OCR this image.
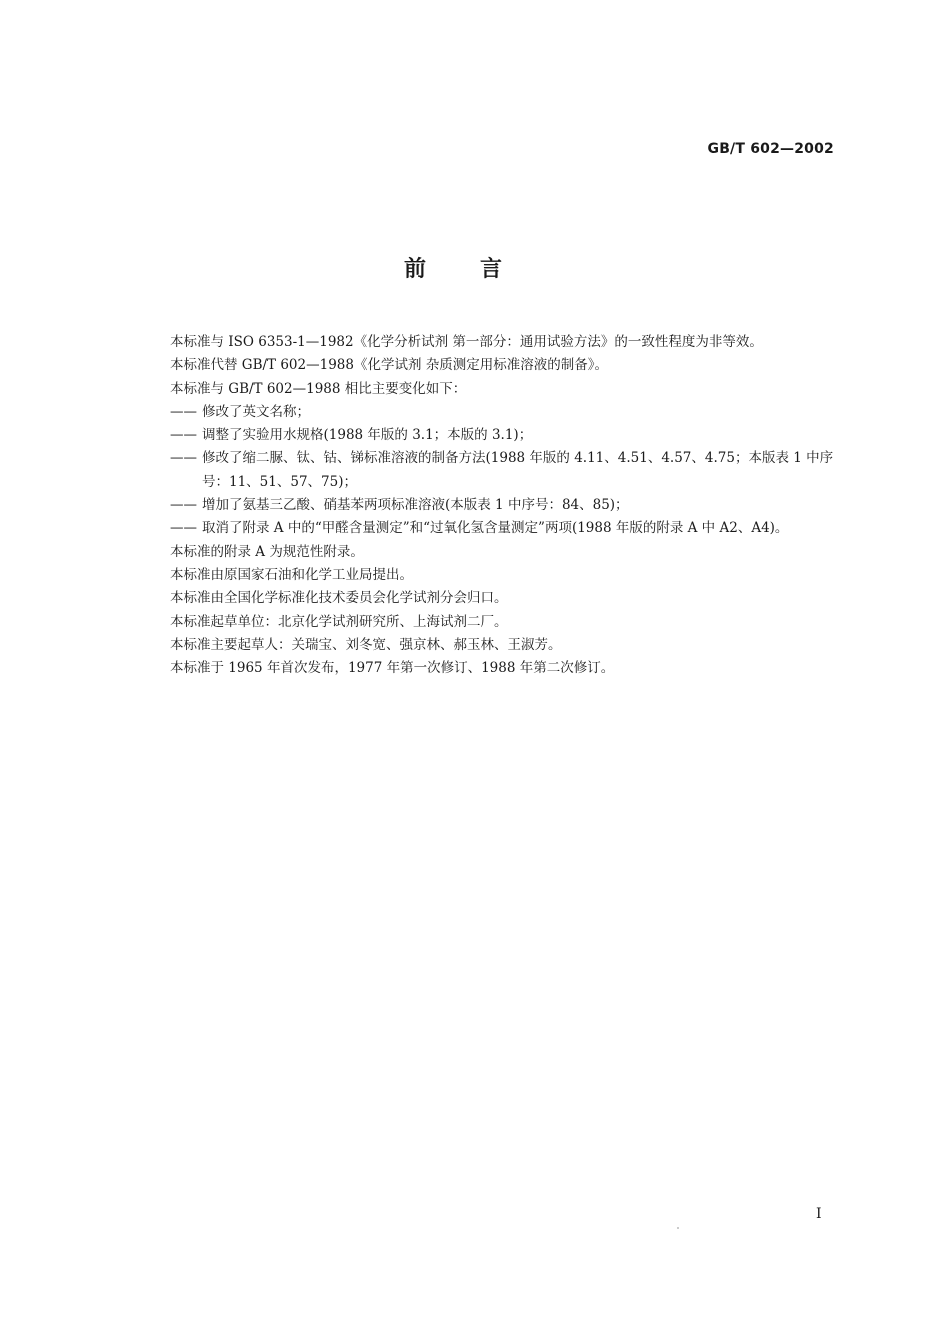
GB/T 602—2002
前言

本标准与 ISO 6353-1—1982《化学分析试剂 第一部分：通用试验方法》的一致性程度为非等效。

本标准代替 GB/T 602—1988《化学试剂 杂质测定用标准溶液的制备》。

本标准与 GB/T 602—1988 相比主要变化如下：

—— 修改了英文名称；
—— 调整了实验用水规格(1988 年版的 3.1；本版的 3.1)；
—— 修改了缩二脲、钛、钴、锑标准溶液的制备方法(1988 年版的 4.11、4.51、4.57、4.75；本版表 1 中序号：11、51、57、75)；
—— 增加了氨基三乙酸、硝基苯两项标准溶液(本版表 1 中序号：84、85)；
—— 取消了附录 A 中的“甲醛含量测定”和“过氧化氢含量测定”两项(1988 年版的附录 A 中 A2、A4)。

本标准的附录 A 为规范性附录。

本标准由原国家石油和化学工业局提出。

本标准由全国化学标准化技术委员会化学试剂分会归口。

本标准起草单位：北京化学试剂研究所、上海试剂二厂。

本标准主要起草人：关瑞宝、刘冬宽、强京林、郝玉林、王淑芳。

本标准于 1965 年首次发布，1977 年第一次修订、1988 年第二次修订。

I
